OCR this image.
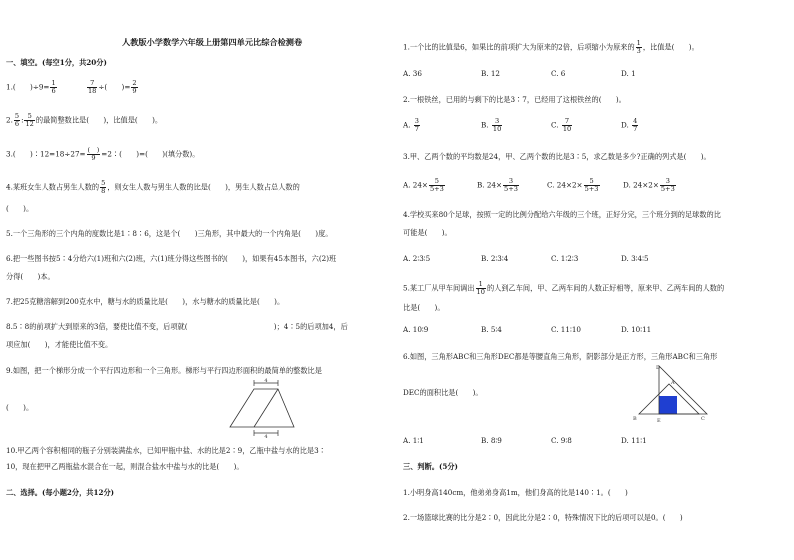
人教版小学数学六年级上册第四单元比综合检测卷
一、填空。(每空1分，共20分)
1.(　　)$\div 9= \frac{1}{6}$
	$\frac{7}{18}$ ÷(　　)= $\frac{2}{9}$
2. $\frac{5}{6}$ : $\frac{5}{12}$ 的最简整数比是(　　)，比值是(　　)。
3.(　　)∶12=18÷27= $\frac{( )}{9}$ =2∶(　　)=(　　)(填分数)。
4.某班女生人数占男生人数的 $\frac{5}{8}$ ，则女生人数与男生人数的比是(　　)，男生人数占总人数的
(　　)。
5.一个三角形的三个内角的度数比是1∶8∶6，这是个(　　)三角形，其中最大的一个内角是(　　)度。
6.把一些图书按5∶4分给六(1)班和六(2)班，六(1)班分得这些图书的(　　)，如果有45本图书，六(2)班
分得(　　)本。
7.把25克糖溶解到200克水中，糖与水的质量比是(　　)，水与糖水的质量比是(　　)。
8.5∶8的前项扩大到原来的3倍，要使比值不变，后项就(　　　　　　　　　　　　)；4∶5的后项加4，后
项应加(　　)，才能使比值不变。
9.如图，把一个梯形分成一个平行四边形和一个三角形。梯形与平行四边形面积的最简单的整数比是
(　　)。
4
4
10.甲乙两个容积相同的瓶子分别装满盐水，已知甲瓶中盐、水的比是2∶9，乙瓶中盐与水的比是3∶
10，现在把甲乙两瓶盐水混合在一起，则混合盐水中盐与水的比是(　　)。
二、选择。(每小题2分，共12分)
1.一个比的比值是6，如果比的前项扩大为原来的2倍，后项缩小为原来的 $\frac{1}{3}$ ，比值是(　　)。
A. 36	B. 12	C. 6	D. 1
2.一根铁丝，已用的与剩下的比是3∶7，已经用了这根铁丝的(　　)。
A. $\frac{3}{7}$	B. $\frac{3}{10}$	C. $\frac{7}{10}$	D. $\frac{4}{7}$
3.甲、乙两个数的平均数是24，甲、乙两个数的比是3∶5，求乙数是多少?正确的列式是(　　)。
A. $24\times \frac{5}{5+3}$	B. $24\times \frac{3}{5+3}$	C. $24\times 2\times \frac{5}{5+3}$	D. $24\times 2\times \frac{3}{5+3}$
4.学校买来80个足球，按照一定的比例分配给六年级的三个班，正好分完，三个班分到的足球数的比
可能是(　　)。
A. 2∶3∶5	B. 2∶3∶4	C. 1∶2∶3	D. 3∶4∶5
5.某工厂从甲车间调出 $\frac{1}{10}$ 的人到乙车间，甲、乙两车间的人数正好相等，原来甲、乙两车间的人数的
比是(　　)。
A. 10∶9	B. 5∶4	C. 11∶10	D. 10∶11
6.如图，三角形ABC和三角形DEC都是等腰直角三角形，阴影部分是正方形，三角形ABC和三角形
DEC的面积比是(　　)。
D
A
B	E	C
A. 1∶1	B. 8∶9	C. 9∶8	D. 11∶1
三、判断。(5分)
1.小明身高140cm，他弟弟身高1m，他们身高的比是140∶1。(　　)
2.一场篮球比赛的比分是2∶0，因此比分是2∶0，特殊情况下比的后项可以是0。(　　)
